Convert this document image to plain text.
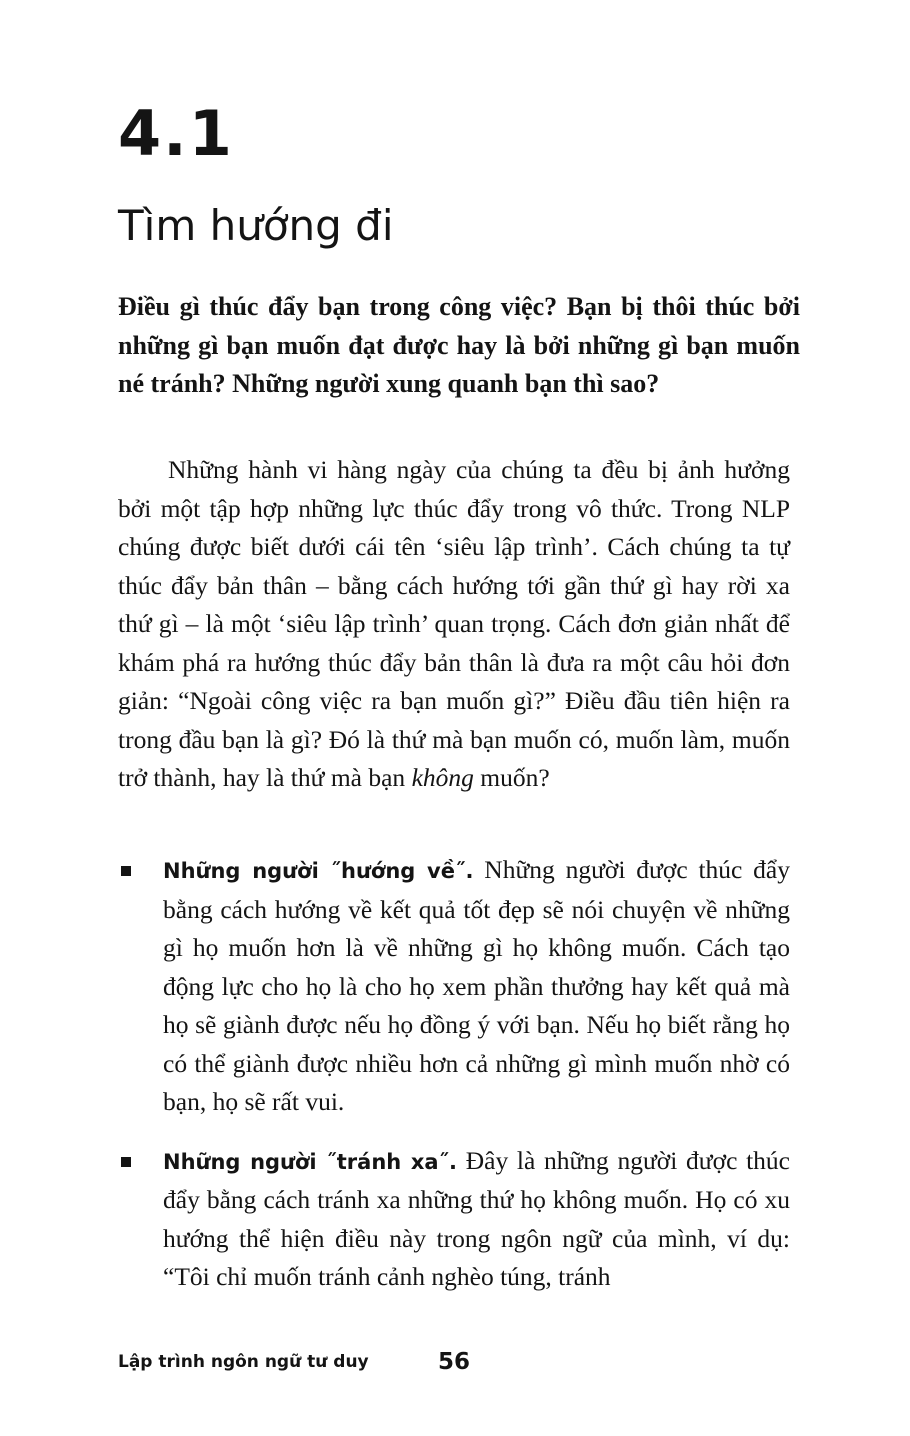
4.1
Tìm hướng đi

Điều gì thúc đẩy bạn trong công việc? Bạn bị thôi thúc bởi những gì bạn muốn đạt được hay là bởi những gì bạn muốn né tránh? Những người xung quanh bạn thì sao?

Những hành vi hàng ngày của chúng ta đều bị ảnh hưởng bởi một tập hợp những lực thúc đẩy trong vô thức. Trong NLP chúng được biết dưới cái tên ‘siêu lập trình’. Cách chúng ta tự thúc đẩy bản thân – bằng cách hướng tới gần thứ gì hay rời xa thứ gì – là một ‘siêu lập trình’ quan trọng. Cách đơn giản nhất để khám phá ra hướng thúc đẩy bản thân là đưa ra một câu hỏi đơn giản: “Ngoài công việc ra bạn muốn gì?” Điều đầu tiên hiện ra trong đầu bạn là gì? Đó là thứ mà bạn muốn có, muốn làm, muốn trở thành, hay là thứ mà bạn không muốn?

Những người ˝hướng về˝. Những người được thúc đẩy bằng cách hướng về kết quả tốt đẹp sẽ nói chuyện về những gì họ muốn hơn là về những gì họ không muốn. Cách tạo động lực cho họ là cho họ xem phần thưởng hay kết quả mà họ sẽ giành được nếu họ đồng ý với bạn. Nếu họ biết rằng họ có thể giành được nhiều hơn cả những gì mình muốn nhờ có bạn, họ sẽ rất vui.
Những người ˝tránh xa˝. Đây là những người được thúc đẩy bằng cách tránh xa những thứ họ không muốn. Họ có xu hướng thể hiện điều này trong ngôn ngữ của mình, ví dụ: “Tôi chỉ muốn tránh cảnh nghèo túng, tránh
Lập trình ngôn ngữ tư duy	56
